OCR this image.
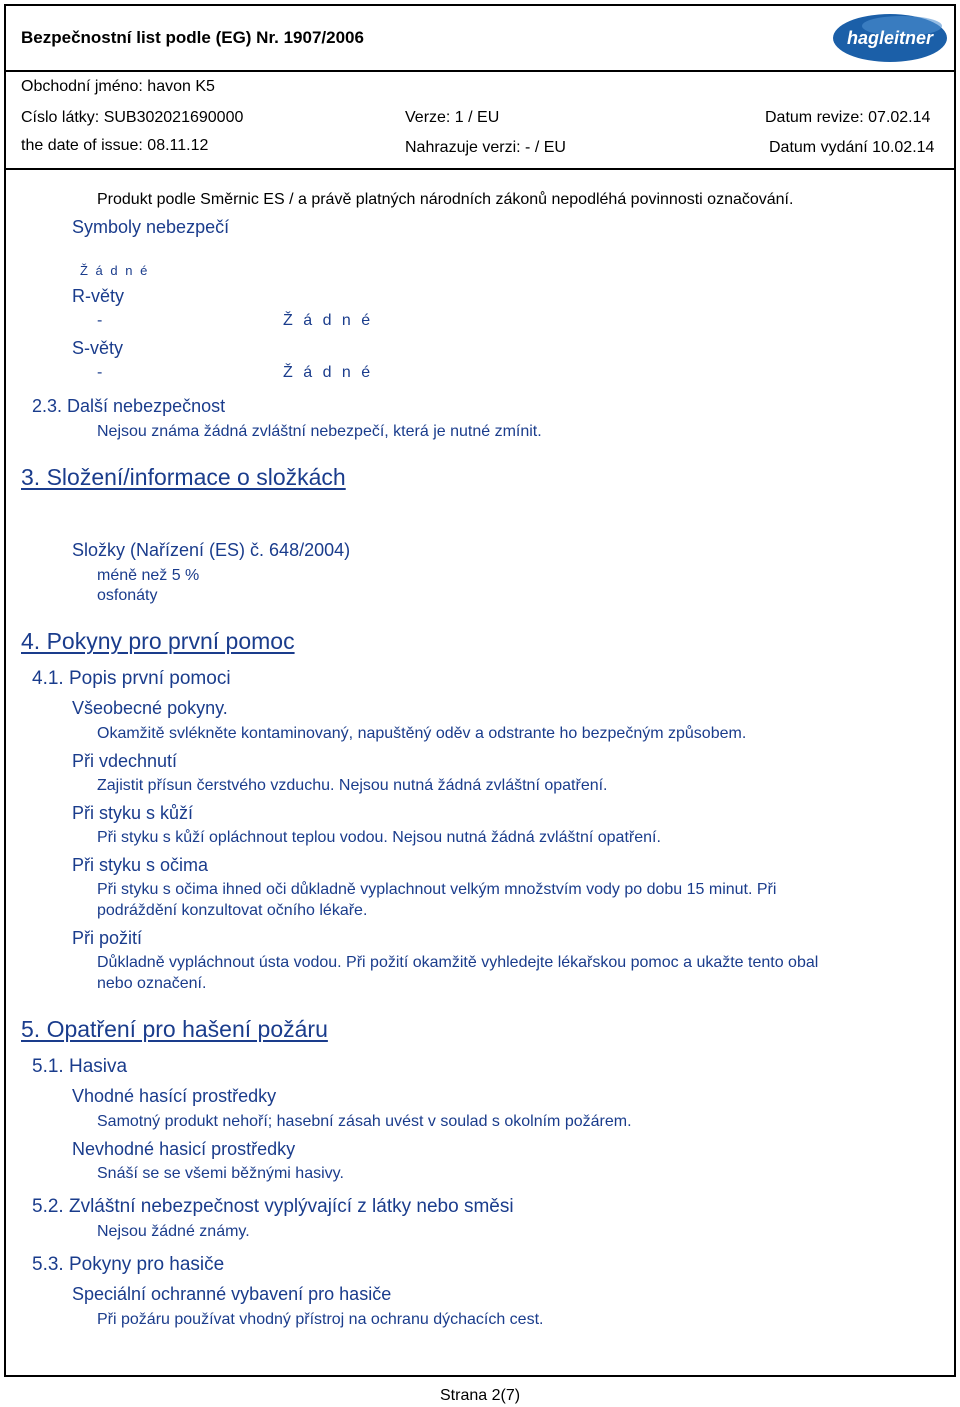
Bezpečnostní list podle (EG) Nr. 1907/2006	hagleitner
Obchodní jméno: havon K5
Císlo látky: SUB302021690000	Verze: 1 / EU	Datum revize: 07.02.14
the date of issue: 08.11.12	Nahrazuje verzi: - / EU	Datum vydání 10.02.14
Produkt podle Směrnic ES / a právě platných národních zákonů nepodléhá povinnosti označování.
Symboly nebezpečí
Ž á d n é
R-věty
-	Ž á d n é
S-věty
-	Ž á d n é
2.3. Další nebezpečnost
Nejsou známa žádná zvláštní nebezpečí, která je nutné zmínit.
3. Složení/informace o složkách
Složky (Nařízení (ES) č. 648/2004)
méně než 5 %
osfonáty
4. Pokyny pro první pomoc
4.1. Popis první pomoci
Všeobecné pokyny.
Okamžitě svlékněte kontaminovaný, napuštěný oděv a odstrante ho bezpečným způsobem.
Při vdechnutí
Zajistit přísun čerstvého vzduchu. Nejsou nutná žádná zvláštní opatření.
Při styku s kůží
Při styku s kůží opláchnout teplou vodou. Nejsou nutná žádná zvláštní opatření.
Při styku s očima
Při styku s očima ihned oči důkladně vyplachnout velkým množstvím vody po dobu 15 minut. Při
podráždění konzultovat očního lékaře.
Při požití
Důkladně vypláchnout ústa vodou. Při požití okamžitě vyhledejte lékařskou pomoc a ukažte tento obal
nebo označení.
5. Opatření pro hašení požáru
5.1. Hasiva
Vhodné hasící prostředky
Samotný produkt nehoří; hasební zásah uvést v soulad s okolním požárem.
Nevhodné hasicí prostředky
Snáší se se všemi běžnými hasivy.
5.2. Zvláštní nebezpečnost vyplývající z látky nebo směsi
Nejsou žádné známy.
5.3. Pokyny pro hasiče
Speciální ochranné vybavení pro hasiče
Při požáru používat vhodný přístroj na ochranu dýchacích cest.
Strana 2(7)
